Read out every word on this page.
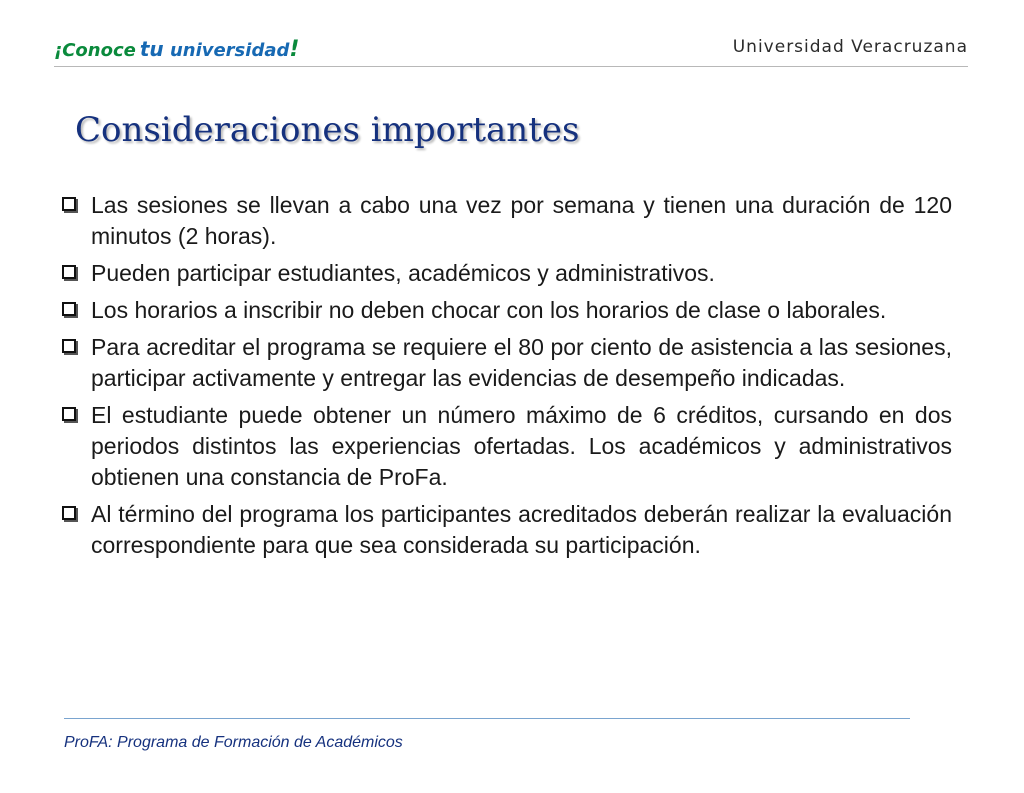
¡Conoce tu universidad!	Universidad Veracruzana
Consideraciones importantes
Las sesiones se llevan a cabo una vez por semana y tienen una duración de 120 minutos (2 horas).
Pueden participar estudiantes, académicos y administrativos.
Los horarios a inscribir no deben chocar con los horarios de clase o laborales.
Para acreditar el programa se requiere el 80 por ciento de asistencia a las sesiones, participar activamente y entregar las evidencias de desempeño indicadas.
El estudiante puede obtener un número máximo de 6 créditos, cursando en dos periodos distintos las experiencias ofertadas. Los académicos y administrativos obtienen una constancia de ProFa.
Al término del programa los participantes acreditados deberán realizar la evaluación correspondiente para que sea considerada su participación.
ProFA: Programa de Formación de Académicos
